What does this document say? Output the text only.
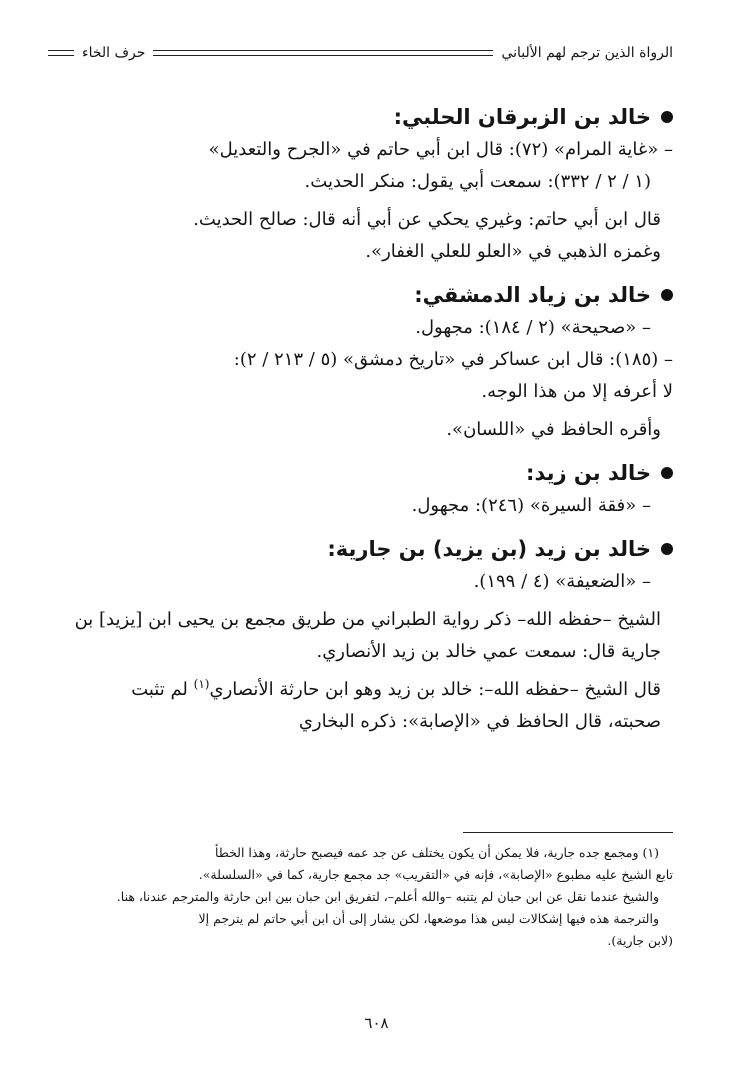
الرواة الذين ترجم لهم الألباني
حرف الخاء
خالد بن الزبرقان الحلبي:

– «غاية المرام» (٧٢): قال ابن أبي حاتم في «الجرح والتعديل»

(١ / ٢ / ٣٣٢): سمعت أبي يقول: منكر الحديث.

قال ابن أبي حاتم: وغيري يحكي عن أبي أنه قال: صالح الحديث.

وغمزه الذهبي في «العلو للعلي الغفار».

خالد بن زياد الدمشقي:

– «صحيحة» (٢ / ١٨٤): مجهول.

– (١٨٥): قال ابن عساكر في «تاريخ دمشق» (٥ / ٢١٣ / ٢):

لا أعرفه إلا من هذا الوجه.

وأقره الحافظ في «اللسان».

خالد بن زيد:

– «فقة السيرة» (٢٤٦): مجهول.

خالد بن زيد (بن يزيد) بن جارية:

– «الضعيفة» (٤ / ١٩٩).

الشيخ –حفظه الله– ذكر رواية الطبراني من طريق مجمع بن يحيى ابن [يزيد] بن جارية قال: سمعت عمي خالد بن زيد الأنصاري.

قال الشيخ –حفظه الله–: خالد بن زيد وهو ابن حارثة الأنصاري$^{(١)}$ لم تثبت صحبته، قال الحافظ في «الإصابة»: ذكره البخاري

(١) ومجمع جده جارية، فلا يمكن أن يكون يختلف عن جد عمه فيصبح حارثة، وهذا الخطأ

تابع الشيخ عليه مطبوع «الإصابة»، فإنه في «التقريب» جد مجمع جارية، كما في «السلسلة».

والشيخ عندما نقل عن ابن حبان لم يتنبه –والله أعلم–، لتفريق ابن حبان بين ابن حارثة والمترجم عندنا، هنا.

والترجمة هذه فيها إشكالات ليس هذا موضعها، لكن يشار إلى أن ابن أبي حاتم لم يترجم إلا

(لابن جارية).

٦٠٨
